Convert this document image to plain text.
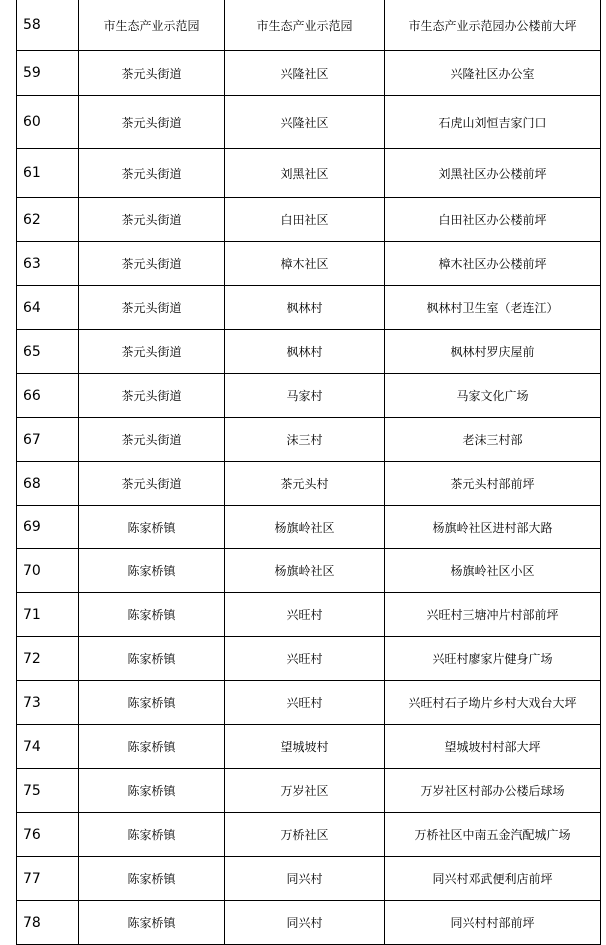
58	市生态产业示范园	市生态产业示范园	市生态产业示范园办公楼前大坪
59	茶元头街道	兴隆社区	兴隆社区办公室
60	茶元头街道	兴隆社区	石虎山刘恒吉家门口
61	茶元头街道	刘黑社区	刘黑社区办公楼前坪
62	茶元头街道	白田社区	白田社区办公楼前坪
63	茶元头街道	樟木社区	樟木社区办公楼前坪
64	茶元头街道	枫林村	枫林村卫生室（老连江）
65	茶元头街道	枫林村	枫林村罗庆屋前
66	茶元头街道	马家村	马家文化广场
67	茶元头街道	沫三村	老沫三村部
68	茶元头街道	茶元头村	茶元头村部前坪
69	陈家桥镇	杨旗岭社区	杨旗岭社区进村部大路
70	陈家桥镇	杨旗岭社区	杨旗岭社区小区
71	陈家桥镇	兴旺村	兴旺村三塘冲片村部前坪
72	陈家桥镇	兴旺村	兴旺村廖家片健身广场
73	陈家桥镇	兴旺村	兴旺村石子坳片乡村大戏台大坪
74	陈家桥镇	望城坡村	望城坡村村部大坪
75	陈家桥镇	万岁社区	万岁社区村部办公楼后球场
76	陈家桥镇	万桥社区	万桥社区中南五金汽配城广场
77	陈家桥镇	同兴村	同兴村邓武便利店前坪
78	陈家桥镇	同兴村	同兴村村部前坪
